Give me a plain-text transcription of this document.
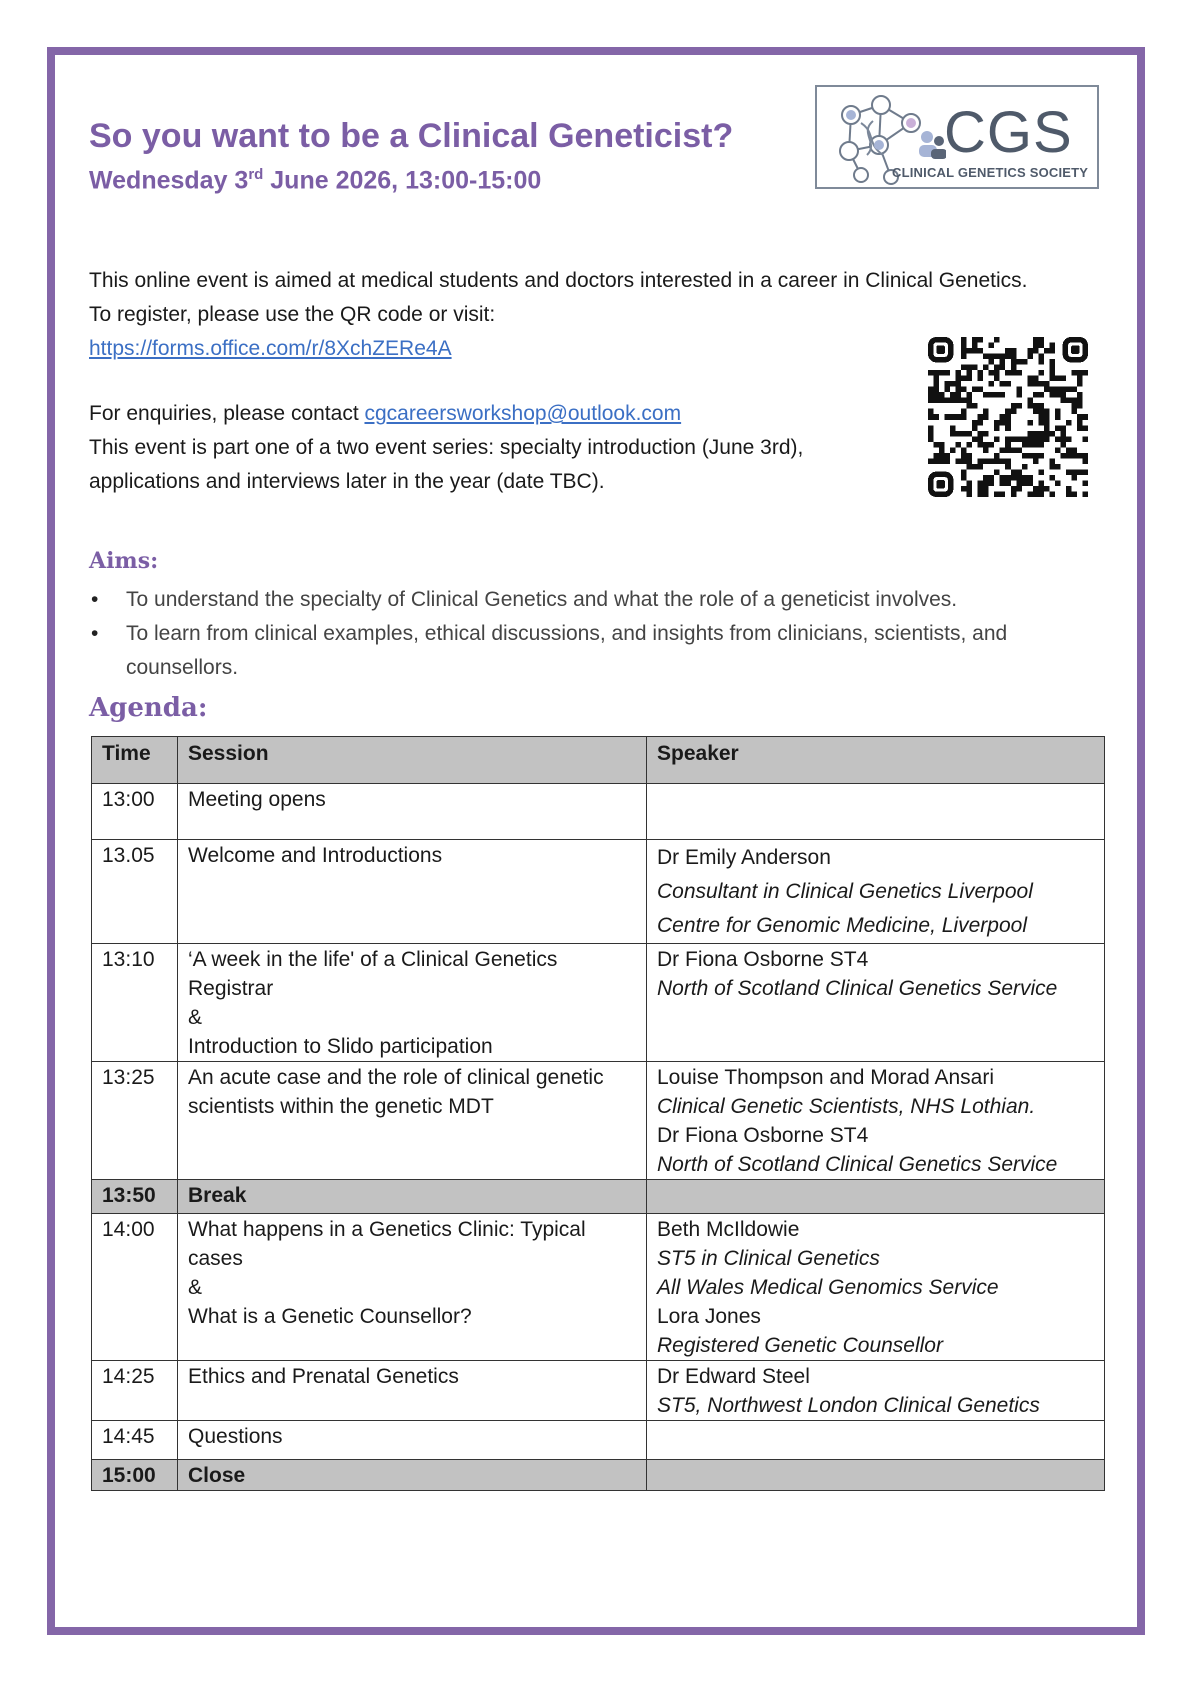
So you want to be a Clinical Geneticist?
Wednesday 3rd June 2026, 13:00-15:00
CGS
CLINICAL GENETICS SOCIETY

This online event is aimed at medical students and doctors interested in a career in Clinical Genetics.

To register, please use the QR code or visit:

https://forms.office.com/r/8XchZERe4A

For enquiries, please contact cgcareersworkshop@outlook.com

This event is part one of a two event series: specialty introduction (June 3rd),

applications and interviews later in the year (date TBC).

Aims:
• To understand the specialty of Clinical Genetics and what the role of a geneticist involves.
• To learn from clinical examples, ethical discussions, and insights from clinicians, scientists, and counsellors.
Agenda:
Time	Session	Speaker
13:00	Meeting opens	

13.05	Welcome and Introductions	Dr Emily Anderson
Consultant in Clinical Genetics Liverpool
Centre for Genomic Medicine, Liverpool

13:10	‘A week in the life' of a Clinical Genetics Registrar
&
Introduction to Slido participation	Dr Fiona Osborne ST4
North of Scotland Clinical Genetics Service

13:25	An acute case and the role of clinical genetic scientists within the genetic MDT	Louise Thompson and Morad Ansari
Clinical Genetic Scientists, NHS Lothian.
Dr Fiona Osborne ST4
North of Scotland Clinical Genetics Service

13:50	Break	

14:00	What happens in a Genetics Clinic: Typical cases
&
What is a Genetic Counsellor?	Beth McIldowie
ST5 in Clinical Genetics
All Wales Medical Genomics Service
Lora Jones
Registered Genetic Counsellor

14:25	Ethics and Prenatal Genetics	Dr Edward Steel
ST5, Northwest London Clinical Genetics

14:45	Questions	

15:00	Close	
